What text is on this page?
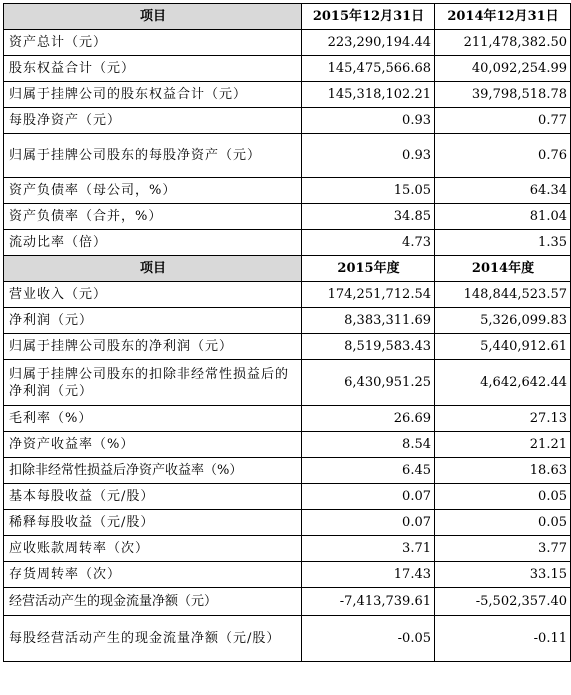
项目	2015年12月31日	2014年12月31日
资产总计（元）	223,290,194.44	211,478,382.50
股东权益合计（元）	145,475,566.68	40,092,254.99
归属于挂牌公司的股东权益合计（元）	145,318,102.21	39,798,518.78
每股净资产（元）	0.93	0.77
归属于挂牌公司股东的每股净资产（元）	0.93	0.76
资产负债率（母公司，%）	15.05	64.34
资产负债率（合并，%）	34.85	81.04
流动比率（倍）	4.73	1.35
项目	2015年度	2014年度
营业收入（元）	174,251,712.54	148,844,523.57
净利润（元）	8,383,311.69	5,326,099.83
归属于挂牌公司股东的净利润（元）	8,519,583.43	5,440,912.61
归属于挂牌公司股东的扣除非经常性损益后的净利润（元）	6,430,951.25	4,642,642.44
毛利率（%）	26.69	27.13
净资产收益率（%）	8.54	21.21
扣除非经常性损益后净资产收益率（%）	6.45	18.63
基本每股收益（元/股）	0.07	0.05
稀释每股收益（元/股）	0.07	0.05
应收账款周转率（次）	3.71	3.77
存货周转率（次）	17.43	33.15
经营活动产生的现金流量净额（元）	-7,413,739.61	-5,502,357.40
每股经营活动产生的现金流量净额（元/股）	-0.05	-0.11
